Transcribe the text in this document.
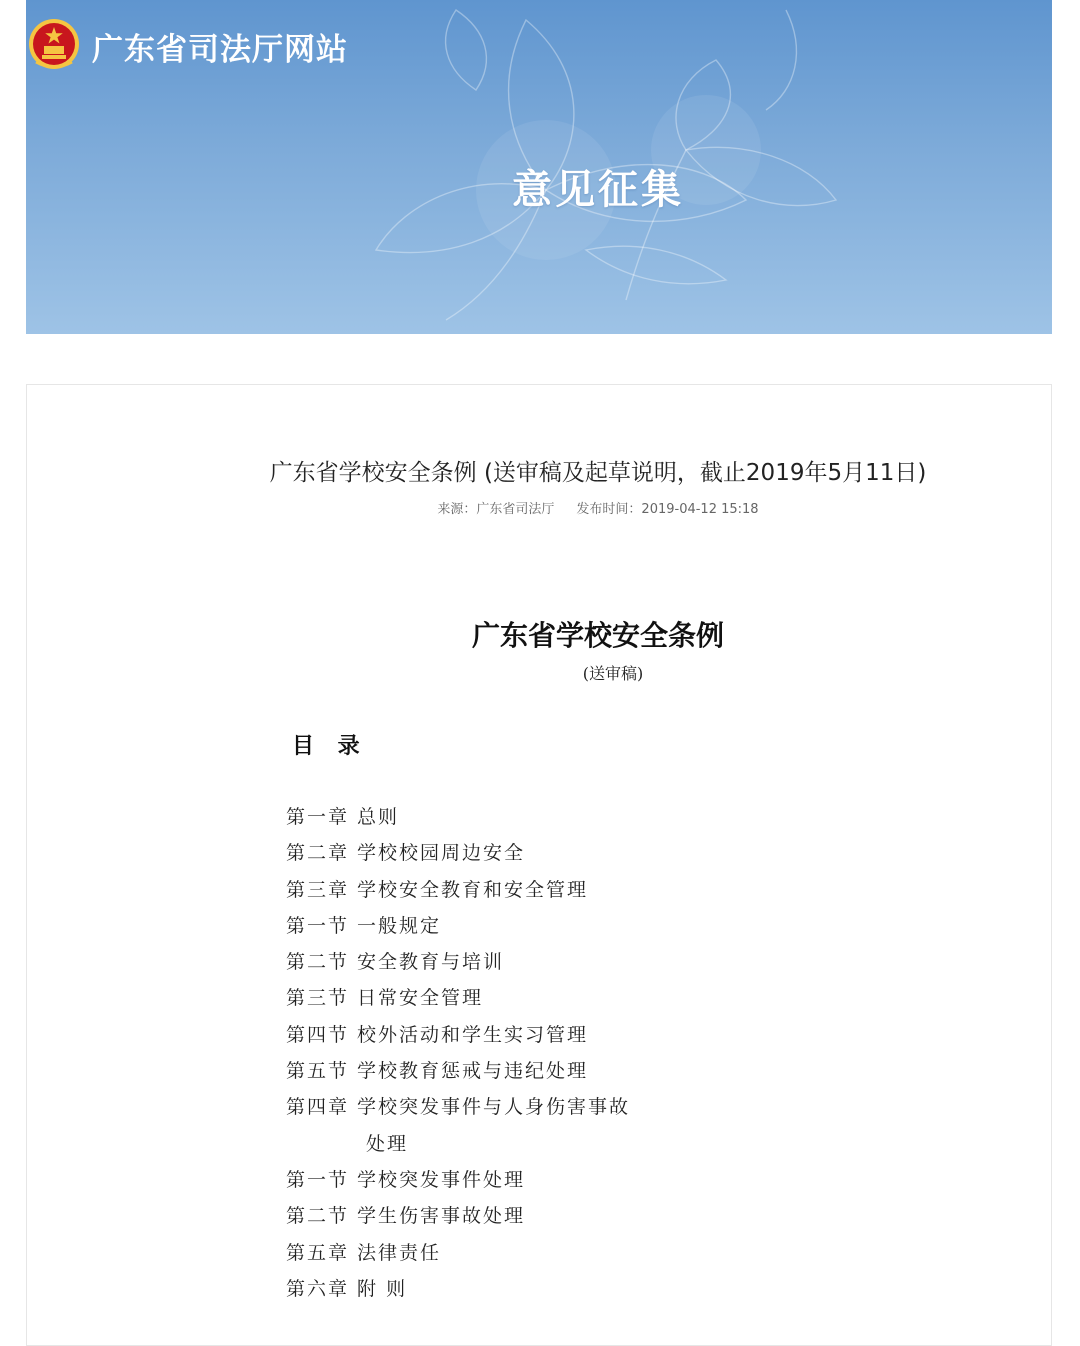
广东省司法厅网站
意见征集
广东省学校安全条例 (送审稿及起草说明，截止2019年5月11日)
来源：广东省司法厅 发布时间：2019-04-12 15:18
广东省学校安全条例
(送审稿)
目 录
第一章 总则
第二章 学校校园周边安全
第三章 学校安全教育和安全管理
第一节 一般规定
第二节 安全教育与培训
第三节 日常安全管理
第四节 校外活动和学生实习管理
第五节 学校教育惩戒与违纪处理
第四章 学校突发事件与人身伤害事故
处理
第一节 学校突发事件处理
第二节 学生伤害事故处理
第五章 法律责任
第六章 附 则
